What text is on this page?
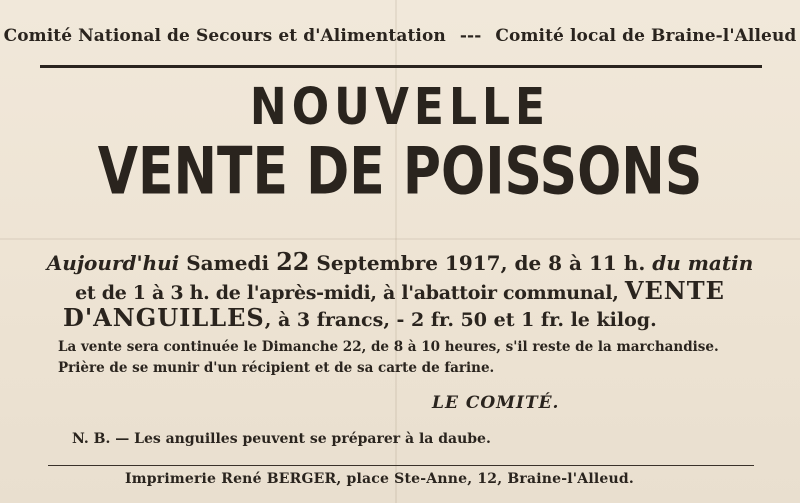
Comité National de Secours et d'Alimentation --- Comité local de Braine-l'Alleud
NOUVELLE
VENTE DE POISSONS
Aujourd'hui Samedi 22 Septembre 1917, de 8 à 11 h. du matin
et de 1 à 3 h. de l'après-midi, à l'abattoir communal, VENTE
D'ANGUILLES, à 3 francs, - 2 fr. 50 et 1 fr. le kilog.
La vente sera continuée le Dimanche 22, de 8 à 10 heures, s'il reste de la marchandise.
Prière de se munir d'un récipient et de sa carte de farine.
LE COMITÉ.
N. B. — Les anguilles peuvent se préparer à la daube.
Imprimerie René BERGER, place Ste-Anne, 12, Braine-l'Alleud.
